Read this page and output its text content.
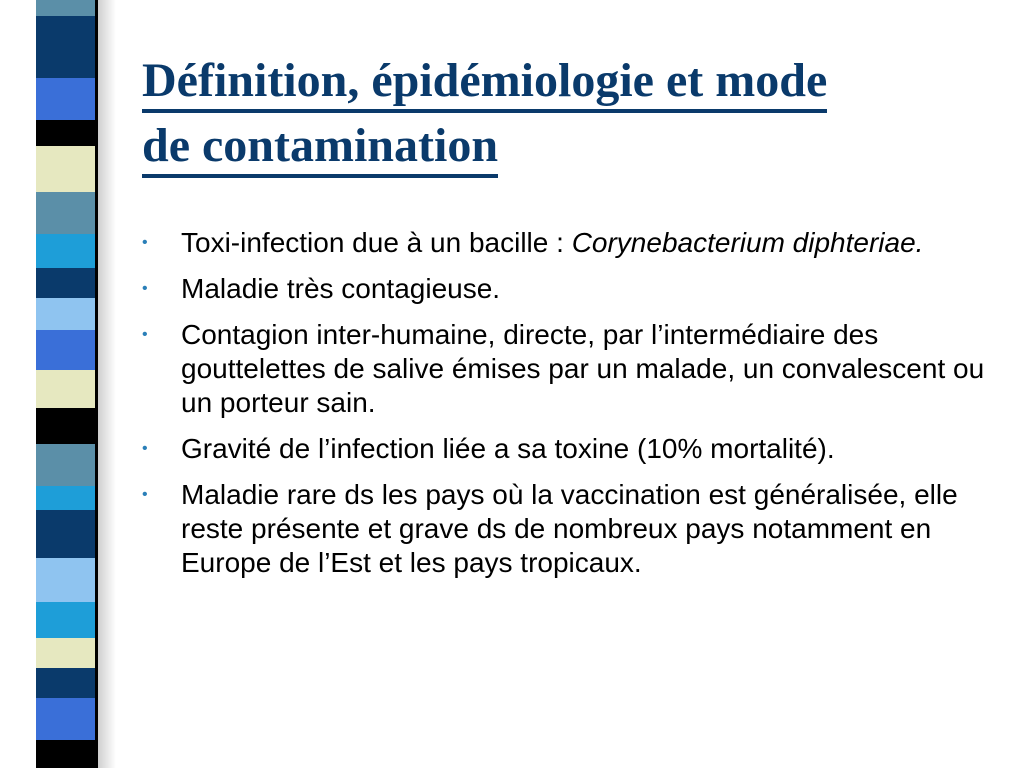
Définition, épidémiologie et mode
de contamination
• Toxi-infection due à un bacille : Corynebacterium diphteriae.
• Maladie très contagieuse.
• Contagion inter-humaine, directe, par l’intermédiaire des gouttelettes de salive émises par un malade, un convalescent ou un porteur sain.
• Gravité de l’infection liée a sa toxine (10% mortalité).
• Maladie rare ds les pays où la vaccination est généralisée, elle reste présente et grave ds de nombreux pays notamment en Europe de l’Est et les pays tropicaux.
